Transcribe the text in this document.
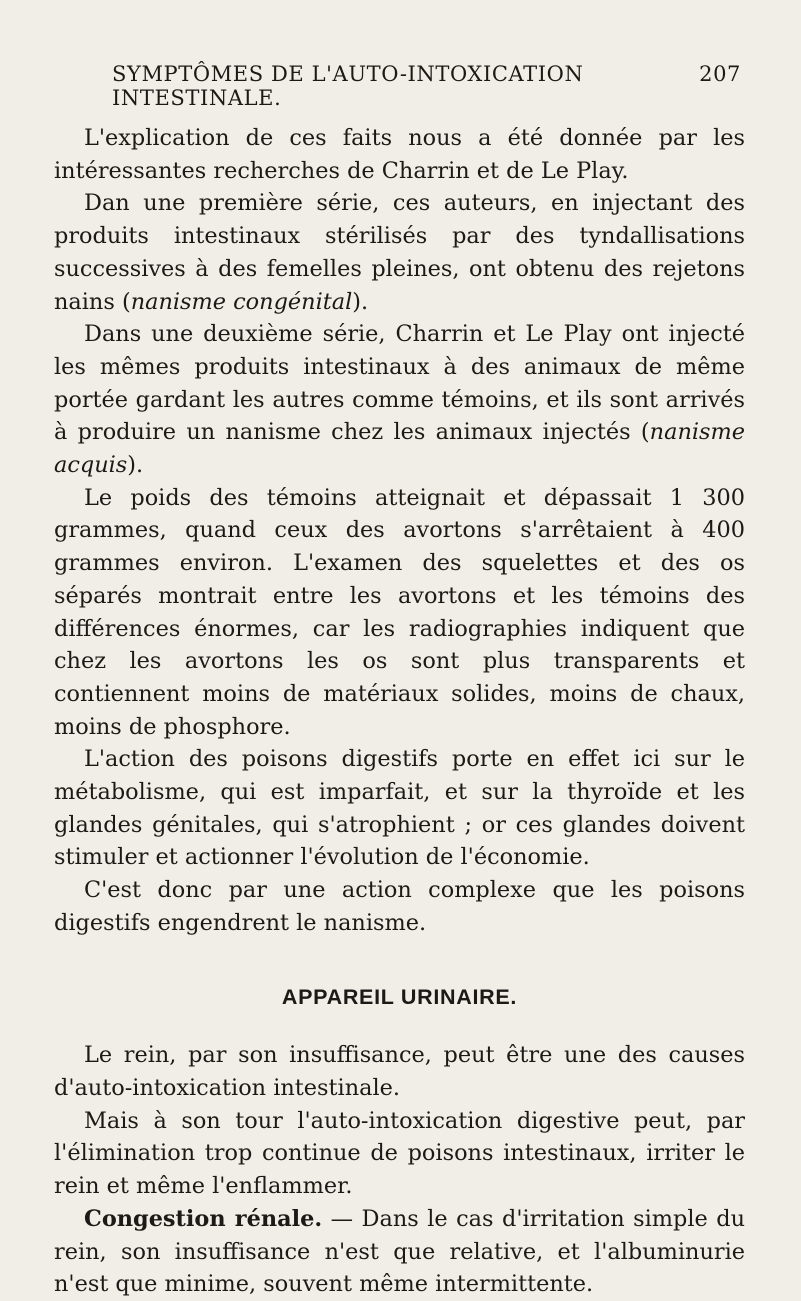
SYMPTÔMES DE L'AUTO-INTOXICATION INTESTINALE.
207

L'explication de ces faits nous a été donnée par les intéressantes recherches de Charrin et de Le Play.

Dan une première série, ces auteurs, en injectant des produits intestinaux stérilisés par des tyndallisations successives à des femelles pleines, ont obtenu des rejetons nains (nanisme congénital).

Dans une deuxième série, Charrin et Le Play ont injecté les mêmes produits intestinaux à des animaux de même portée gardant les autres comme témoins, et ils sont arrivés à produire un nanisme chez les animaux injectés (nanisme acquis).

Le poids des témoins atteignait et dépassait 1 300 grammes, quand ceux des avortons s'arrêtaient à 400 grammes environ. L'examen des squelettes et des os séparés montrait entre les avortons et les témoins des différences énormes, car les radiographies indiquent que chez les avortons les os sont plus transparents et contiennent moins de matériaux solides, moins de chaux, moins de phosphore.

L'action des poisons digestifs porte en effet ici sur le métabolisme, qui est imparfait, et sur la thyroïde et les glandes génitales, qui s'atrophient ; or ces glandes doivent stimuler et actionner l'évolution de l'économie.

C'est donc par une action complexe que les poisons digestifs engendrent le nanisme.

APPAREIL URINAIRE.

Le rein, par son insuffisance, peut être une des causes d'auto-intoxication intestinale.

Mais à son tour l'auto-intoxication digestive peut, par l'élimination trop continue de poisons intestinaux, irriter le rein et même l'enflammer.

Congestion rénale. — Dans le cas d'irritation simple du rein, son insuffisance n'est que relative, et l'albuminurie n'est que minime, souvent même intermittente.
